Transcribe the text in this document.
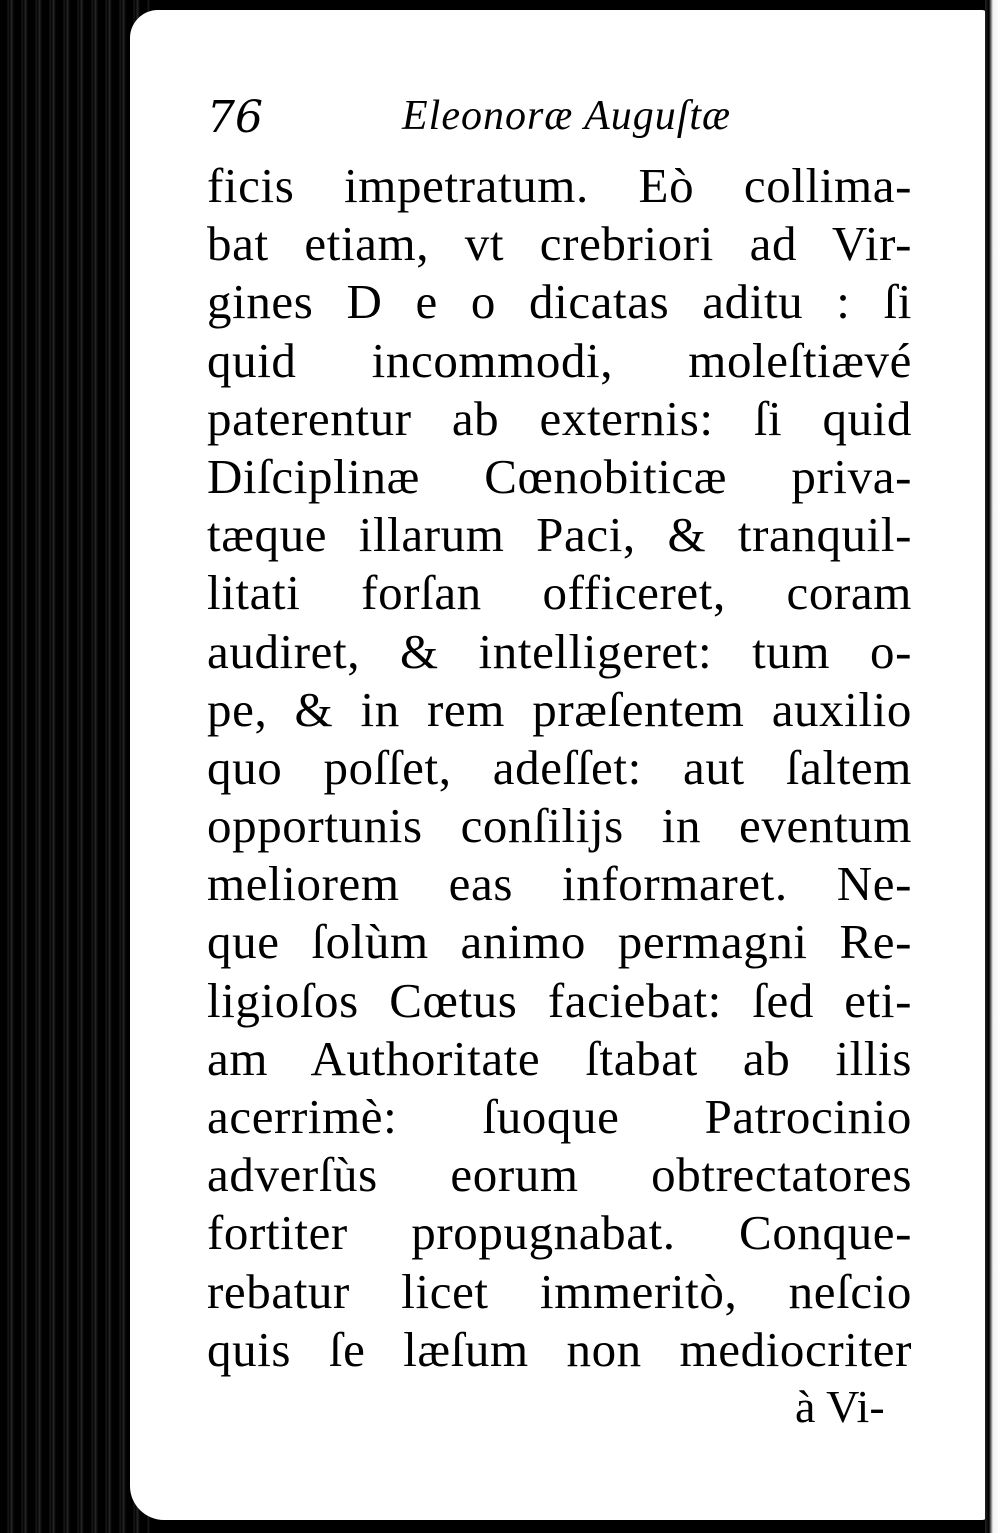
76	Eleonoræ Auguſtæ
ficis impetratum. Eò collima-
bat etiam, vt crebriori ad Vir-
gines D e o dicatas aditu : ſi
quid incommodi, moleſtiævé
paterentur ab externis: ſi quid
Diſciplinæ Cœnobiticæ priva-
tæque illarum Paci, & tranquil-
litati forſan officeret, coram
audiret, & intelligeret: tum o-
pe, & in rem præſentem auxilio
quo poſſet, adeſſet: aut ſaltem
opportunis conſilijs in eventum
meliorem eas informaret. Ne-
que ſolùm animo permagni Re-
ligioſos Cœtus faciebat: ſed eti-
am Authoritate ſtabat ab illis
acerrimè: ſuoque Patrocinio
adverſùs eorum obtrectatores
fortiter propugnabat. Conque-
rebatur licet immeritò, neſcio
quis ſe læſum non mediocriter
à Vi-
